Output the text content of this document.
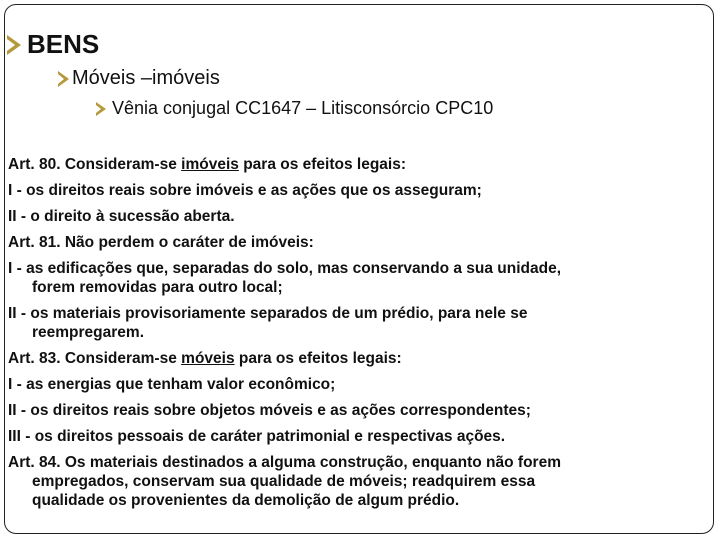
BENS
Móveis –imóveis
Vênia conjugal CC1647 – Litisconsórcio CPC10
Art. 80. Consideram-se imóveis para os efeitos legais:
I - os direitos reais sobre imóveis e as ações que os asseguram;
II - o direito à sucessão aberta.
Art. 81. Não perdem o caráter de imóveis:
I - as edificações que, separadas do solo, mas conservando a sua unidade,
forem removidas para outro local;
II - os materiais provisoriamente separados de um prédio, para nele se
reempregarem.
Art. 83. Consideram-se móveis para os efeitos legais:
I - as energias que tenham valor econômico;
II - os direitos reais sobre objetos móveis e as ações correspondentes;
III - os direitos pessoais de caráter patrimonial e respectivas ações.
Art. 84. Os materiais destinados a alguma construção, enquanto não forem
empregados, conservam sua qualidade de móveis; readquirem essa
qualidade os provenientes da demolição de algum prédio.
